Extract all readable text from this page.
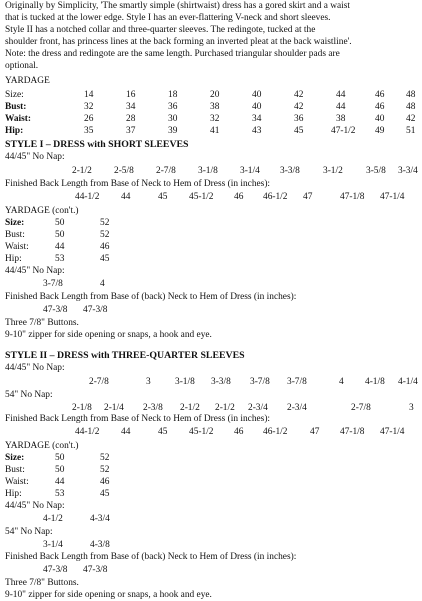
Originally by Simplicity, 'The smartly simple (shirtwaist) dress has a gored skirt and a waist
that is tucked at the lower edge. Style I has an ever-flattering V-neck and short sleeves.
Style II has a notched collar and three-quarter sleeves. The redingote, tucked at the
shoulder front, has princess lines at the back forming an inverted pleat at the back waistline'.
Note: the dress and redingote are the same length. Purchased triangular shoulder pads are
optional.
YARDAGE
Size:	14	16	18	20	40	42	44	46 48
Bust:	32	34	36	38	40	42	44	46 48
Waist:	26	28	30	32	34	36	38	40 42
Hip:	35	37	39	41	43	45	47-1/2 49 51
STYLE I – DRESS with SHORT SLEEVES
44/45" No Nap:
2-1/2 2-5/8 2-7/8 3-1/8 3-1/4 3-3/8 3-1/2 3-5/8 3-3/4
Finished Back Length from Base of Neck to Hem of Dress (in inches):
44-1/2 44	45 45-1/2 46 46-1/2 47	47-1/8 47-1/4
YARDAGE (con't.)
Size:	50	52
Bust:	50	52
Waist:	44	46
Hip:	53	45
44/45" No Nap:
3-7/8	4
Finished Back Length from Base of (back) Neck to Hem of Dress (in inches):
47-3/8 47-3/8
Three 7/8" Buttons.
9-10" zipper for side opening or snaps, a hook and eye.
STYLE II – DRESS with THREE-QUARTER SLEEVES
44/45" No Nap:
2-7/8	3	3-1/8 3-3/8 3-7/8 3-7/8	4 4-1/8 4-1/4
54" No Nap:
2-1/8 2-1/4 2-3/8 2-1/2 2-1/2 2-3/4 2-3/4	2-7/8	3
Finished Back Length from Base of Neck to Hem of Dress (in inches):
44-1/2 44	45 45-1/2 46 46-1/2 47 47-1/8 47-1/4
YARDAGE (con't.)
Size:	50	52
Bust:	50	52
Waist:	44	46
Hip:	53	45
44/45" No Nap:
4-1/2	4-3/4
54" No Nap:
3-1/4	4-3/8
Finished Back Length from Base of (back) Neck to Hem of Dress (in inches):
47-3/8 47-3/8
Three 7/8" Buttons.
9-10" zipper for side opening or snaps, a hook and eye.
